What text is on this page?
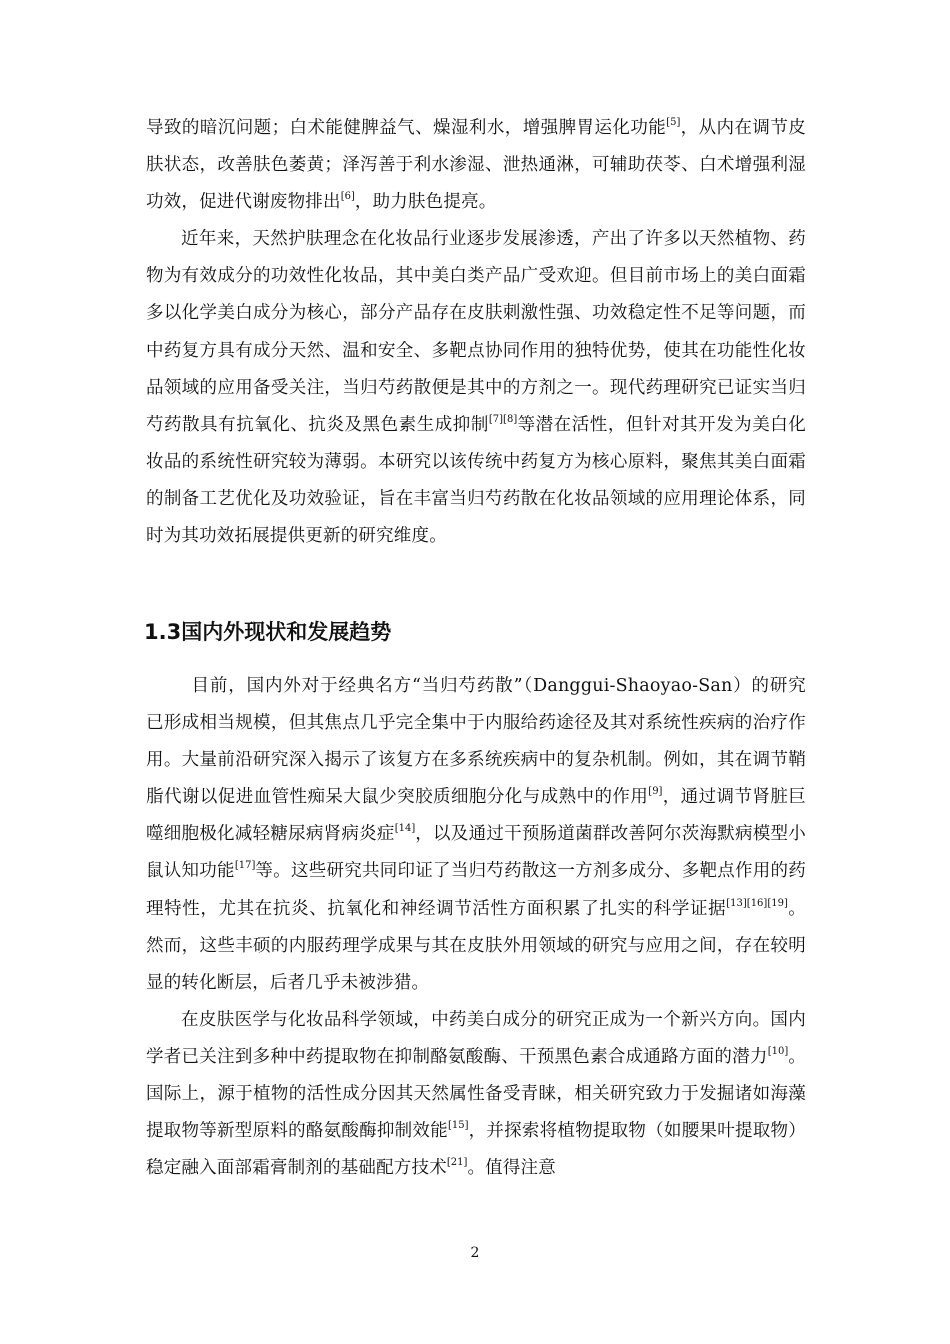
导致的暗沉问题；白术能健脾益气、燥湿利水，增强脾胃运化功能[5]，从内在调节皮肤状态，改善肤色萎黄；泽泻善于利水渗湿、泄热通淋，可辅助茯苓、白术增强利湿功效，促进代谢废物排出[6]，助力肤色提亮。

近年来，天然护肤理念在化妆品行业逐步发展渗透，产出了许多以天然植物、药物为有效成分的功效性化妆品，其中美白类产品广受欢迎。但目前市场上的美白面霜多以化学美白成分为核心，部分产品存在皮肤刺激性强、功效稳定性不足等问题，而中药复方具有成分天然、温和安全、多靶点协同作用的独特优势，使其在功能性化妆品领域的应用备受关注，当归芍药散便是其中的方剂之一。现代药理研究已证实当归芍药散具有抗氧化、抗炎及黑色素生成抑制[7][8]等潜在活性，但针对其开发为美白化妆品的系统性研究较为薄弱。本研究以该传统中药复方为核心原料，聚焦其美白面霜的制备工艺优化及功效验证，旨在丰富当归芍药散在化妆品领域的应用理论体系，同时为其功效拓展提供更新的研究维度。

1.3国内外现状和发展趋势

目前，国内外对于经典名方“当归芍药散”（Danggui-Shaoyao-San）的研究已形成相当规模，但其焦点几乎完全集中于内服给药途径及其对系统性疾病的治疗作用。大量前沿研究深入揭示了该复方在多系统疾病中的复杂机制。例如，其在调节鞘脂代谢以促进血管性痴呆大鼠少突胶质细胞分化与成熟中的作用[9]，通过调节肾脏巨噬细胞极化减轻糖尿病肾病炎症[14]，以及通过干预肠道菌群改善阿尔茨海默病模型小鼠认知功能[17]等。这些研究共同印证了当归芍药散这一方剂多成分、多靶点作用的药理特性，尤其在抗炎、抗氧化和神经调节活性方面积累了扎实的科学证据[13][16][19]。然而，这些丰硕的内服药理学成果与其在皮肤外用领域的研究与应用之间，存在较明显的转化断层，后者几乎未被涉猎。

在皮肤医学与化妆品科学领域，中药美白成分的研究正成为一个新兴方向。国内学者已关注到多种中药提取物在抑制酪氨酸酶、干预黑色素合成通路方面的潜力[10]。国际上，源于植物的活性成分因其天然属性备受青睐，相关研究致力于发掘诸如海藻提取物等新型原料的酪氨酸酶抑制效能[15]，并探索将植物提取物（如腰果叶提取物）稳定融入面部霜膏制剂的基础配方技术[21]。值得注意

2
